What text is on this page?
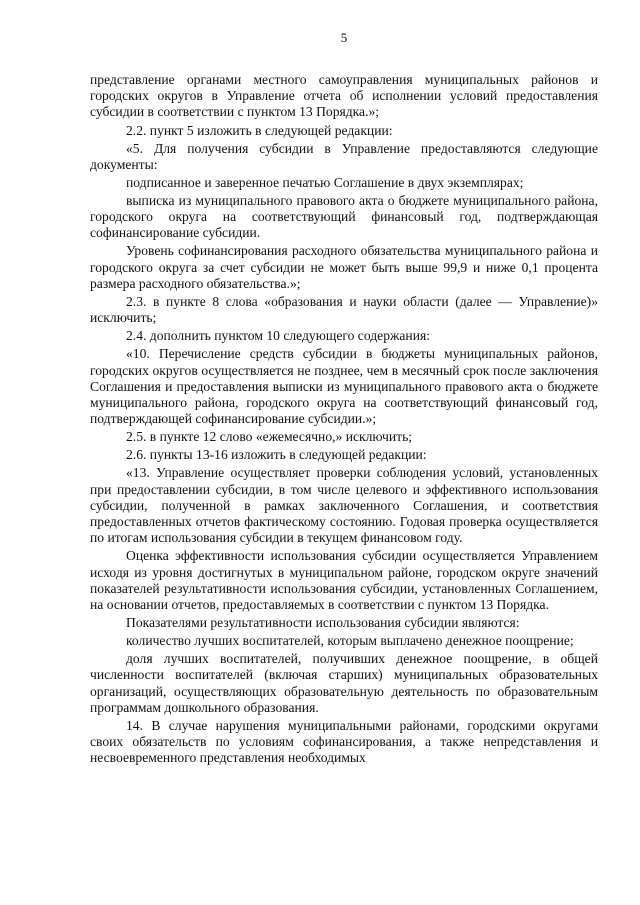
5

представление органами местного самоуправления муниципальных районов и городских округов в Управление отчета об исполнении условий предоставления субсидии в соответствии с пунктом 13 Порядка.»;

2.2. пункт 5 изложить в следующей редакции:

«5. Для получения субсидии в Управление предоставляются следующие документы:

подписанное и заверенное печатью Соглашение в двух экземплярах;

выписка из муниципального правового акта о бюджете муниципального района, городского округа на соответствующий финансовый год, подтверждающая софинансирование субсидии.

Уровень софинансирования расходного обязательства муниципального района и городского округа за счет субсидии не может быть выше 99,9 и ниже 0,1 процента размера расходного обязательства.»;

2.3. в пункте 8 слова «образования и науки области (далее — Управление)» исключить;

2.4. дополнить пунктом 10 следующего содержания:

«10. Перечисление средств субсидии в бюджеты муниципальных районов, городских округов осуществляется не позднее, чем в месячный срок после заключения Соглашения и предоставления выписки из муниципального правового акта о бюджете муниципального района, городского округа на соответствующий финансовый год, подтверждающей софинансирование субсидии.»;

2.5. в пункте 12 слово «ежемесячно,» исключить;

2.6. пункты 13-16 изложить в следующей редакции:

«13. Управление осуществляет проверки соблюдения условий, установленных при предоставлении субсидии, в том числе целевого и эффективного использования субсидии, полученной в рамках заключенного Соглашения, и соответствия предоставленных отчетов фактическому состоянию. Годовая проверка осуществляется по итогам использования субсидии в текущем финансовом году.

Оценка эффективности использования субсидии осуществляется Управлением исходя из уровня достигнутых в муниципальном районе, городском округе значений показателей результативности использования субсидии, установленных Соглашением, на основании отчетов, предоставляемых в соответствии с пунктом 13 Порядка.

Показателями результативности использования субсидии являются:

количество лучших воспитателей, которым выплачено денежное поощрение;

доля лучших воспитателей, получивших денежное поощрение, в общей численности воспитателей (включая старших) муниципальных образовательных организаций, осуществляющих образовательную деятельность по образовательным программам дошкольного образования.

14. В случае нарушения муниципальными районами, городскими округами своих обязательств по условиям софинансирования, а также непредставления и несвоевременного представления необходимых
